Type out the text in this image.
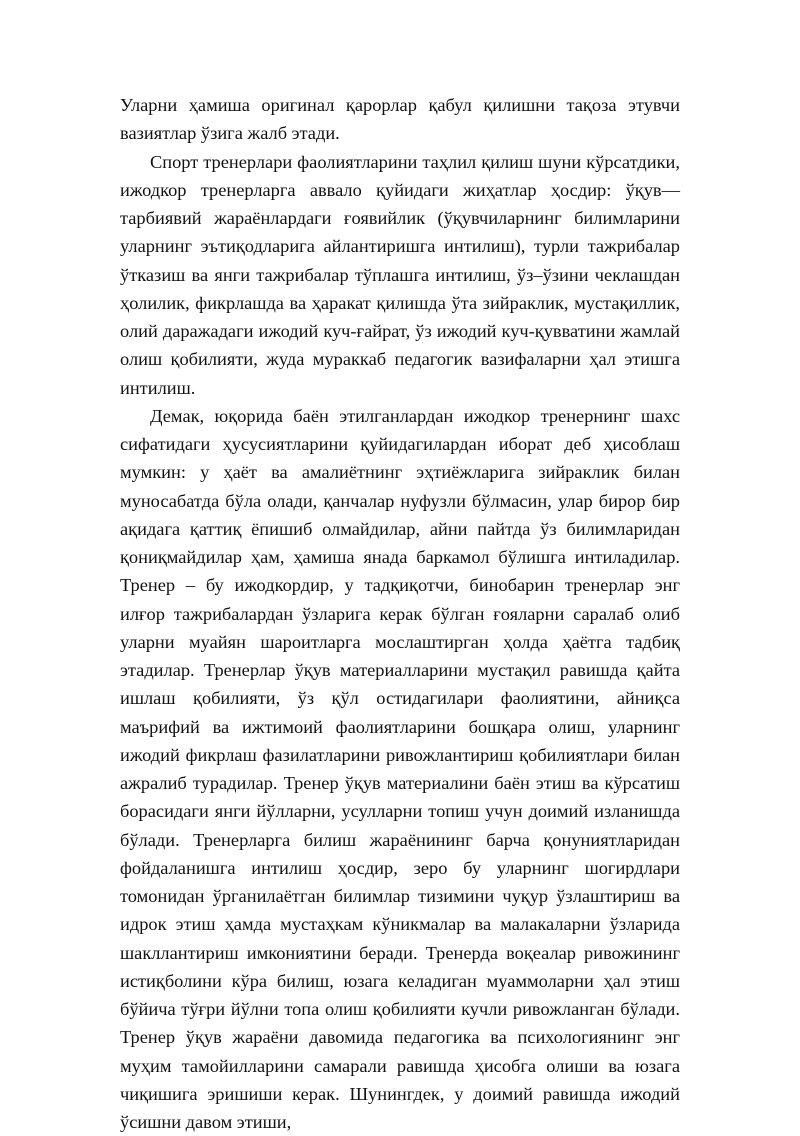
Уларни ҳамиша оригинал қарорлар қабул қилишни тақоза этувчи вазиятлар ўзига жалб этади.

Спорт тренерлари фаолиятларини таҳлил қилиш шуни кўрсатдики, ижодкор тренерларга аввало қуйидаги жиҳатлар ҳосдир: ўқув—тарбиявий жараёнлардаги ғоявийлик (ўқувчиларнинг билимларини уларнинг эътиқодларига айлантиришга интилиш), турли тажрибалар ўтказиш ва янги тажрибалар тўплашга интилиш, ўз–ўзини чеклашдан ҳолилик, фикрлашда ва ҳаракат қилишда ўта зийраклик, мустақиллик, олий даражадаги ижодий куч-ғайрат, ўз ижодий куч-қувватини жамлай олиш қобилияти, жуда мураккаб педагогик вазифаларни ҳал этишга интилиш.

Демак, юқорида баён этилганлардан ижодкор тренернинг шахс сифатидаги ҳусусиятларини қуйидагилардан иборат деб ҳисоблаш мумкин: у ҳаёт ва амалиётнинг эҳтиёжларига зийраклик билан муносабатда бўла олади, қанчалар нуфузли бўлмасин, улар бирор бир ақидага қаттиқ ёпишиб олмайдилар, айни пайтда ўз билимларидан қониқмайдилар ҳам, ҳамиша янада баркамол бўлишга интиладилар. Тренер – бу ижодкордир, у тадқиқотчи, бинобарин тренерлар энг илғор тажрибалардан ўзларига керак бўлган ғояларни саралаб олиб уларни муайян шароитларга мослаштирган ҳолда ҳаётга тадбиқ этадилар. Тренерлар ўқув материалларини мустақил равишда қайта ишлаш қобилияти, ўз қўл остидагилари фаолиятини, айниқса маърифий ва ижтимоий фаолиятларини бошқара олиш, уларнинг ижодий фикрлаш фазилатларини ривожлантириш қобилиятлари билан ажралиб турадилар. Тренер ўқув материалини баён этиш ва кўрсатиш борасидаги янги йўлларни, усулларни топиш учун доимий изланишда бўлади. Тренерларга билиш жараёнининг барча қонуниятларидан фойдаланишга интилиш ҳосдир, зеро бу уларнинг шогирдлари томонидан ўрганилаётган билимлар тизимини чуқур ўзлаштириш ва идрок этиш ҳамда мустаҳкам кўникмалар ва малакаларни ўзларида шакллантириш имкониятини беради. Тренерда воқеалар ривожининг истиқболини кўра билиш, юзага келадиган муаммоларни ҳал этиш бўйича тўғри йўлни топа олиш қобилияти кучли ривожланган бўлади. Тренер ўқув жараёни давомида педагогика ва психологиянинг энг муҳим тамойилларини самарали равишда ҳисобга олиши ва юзага чиқишига эришиши керак. Шунингдек, у доимий равишда ижодий ўсишни давом этиши,
